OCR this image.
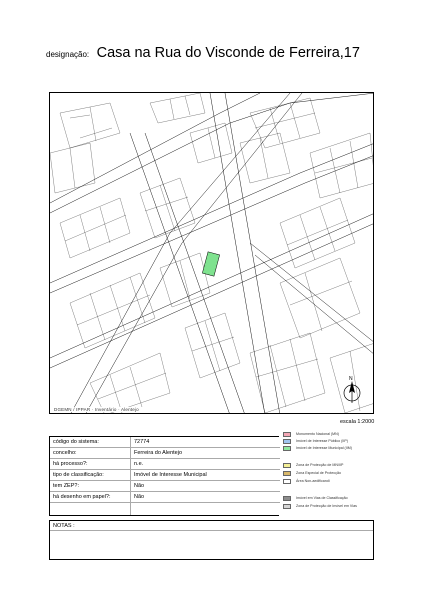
designação: Casa na Rua do Visconde de Ferreira,17
N
DGEMN / IPPAR · Inventário · Alentejo
escala 1:2000
código do sistema:	72774
concelho:	Ferreira do Alentejo
há processo?:	n.e.
tipo de classificação:	Imóvel de Interesse Municipal
tem ZEP?:	Não
há desenho em papel?:	Não
Monumento Nacional (MN)
Imóvel de Interesse Público (IIP)
Imóvel de Interesse Municipal (IIM)
Zona de Protecção de MN/IIP
Zona Especial de Protecção
Área Non-aedificandi
Imóvel em Vias de Classificação
Zona de Protecção de Imóvel em Vias
NOTAS :
